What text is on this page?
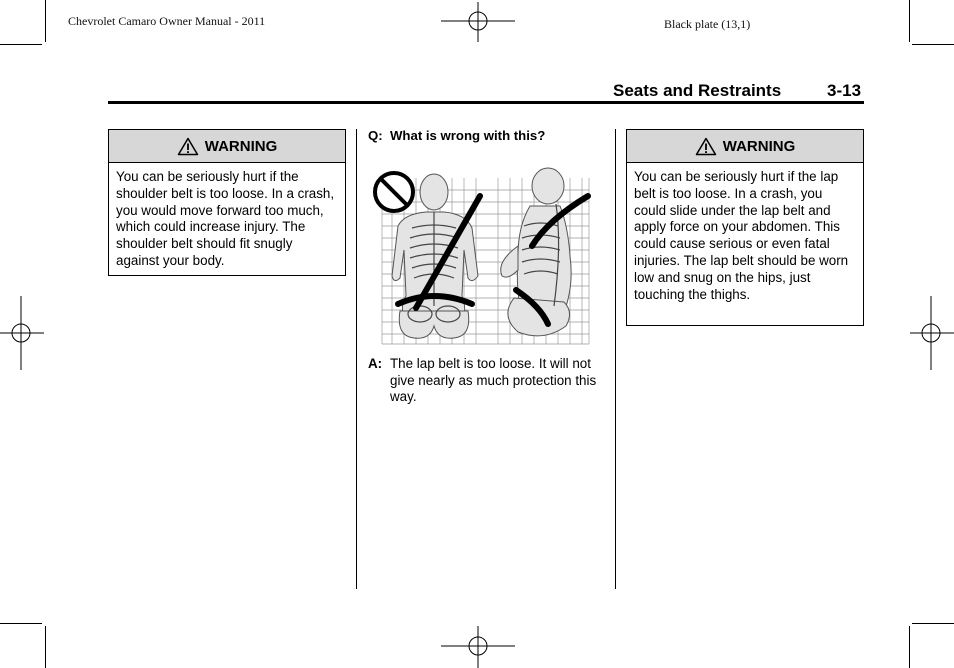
Chevrolet Camaro Owner Manual - 2011	Black plate (13,1)
Seats and Restraints	3-13
WARNING
You can be seriously hurt if the shoulder belt is too loose. In a crash, you would move forward too much, which could increase injury. The shoulder belt should fit snugly against your body.
Q:  What is wrong with this?
A: The lap belt is too loose. It will not give nearly as much protection this way.
WARNING
You can be seriously hurt if the lap belt is too loose. In a crash, you could slide under the lap belt and apply force on your abdomen. This could cause serious or even fatal injuries. The lap belt should be worn low and snug on the hips, just touching the thighs.
